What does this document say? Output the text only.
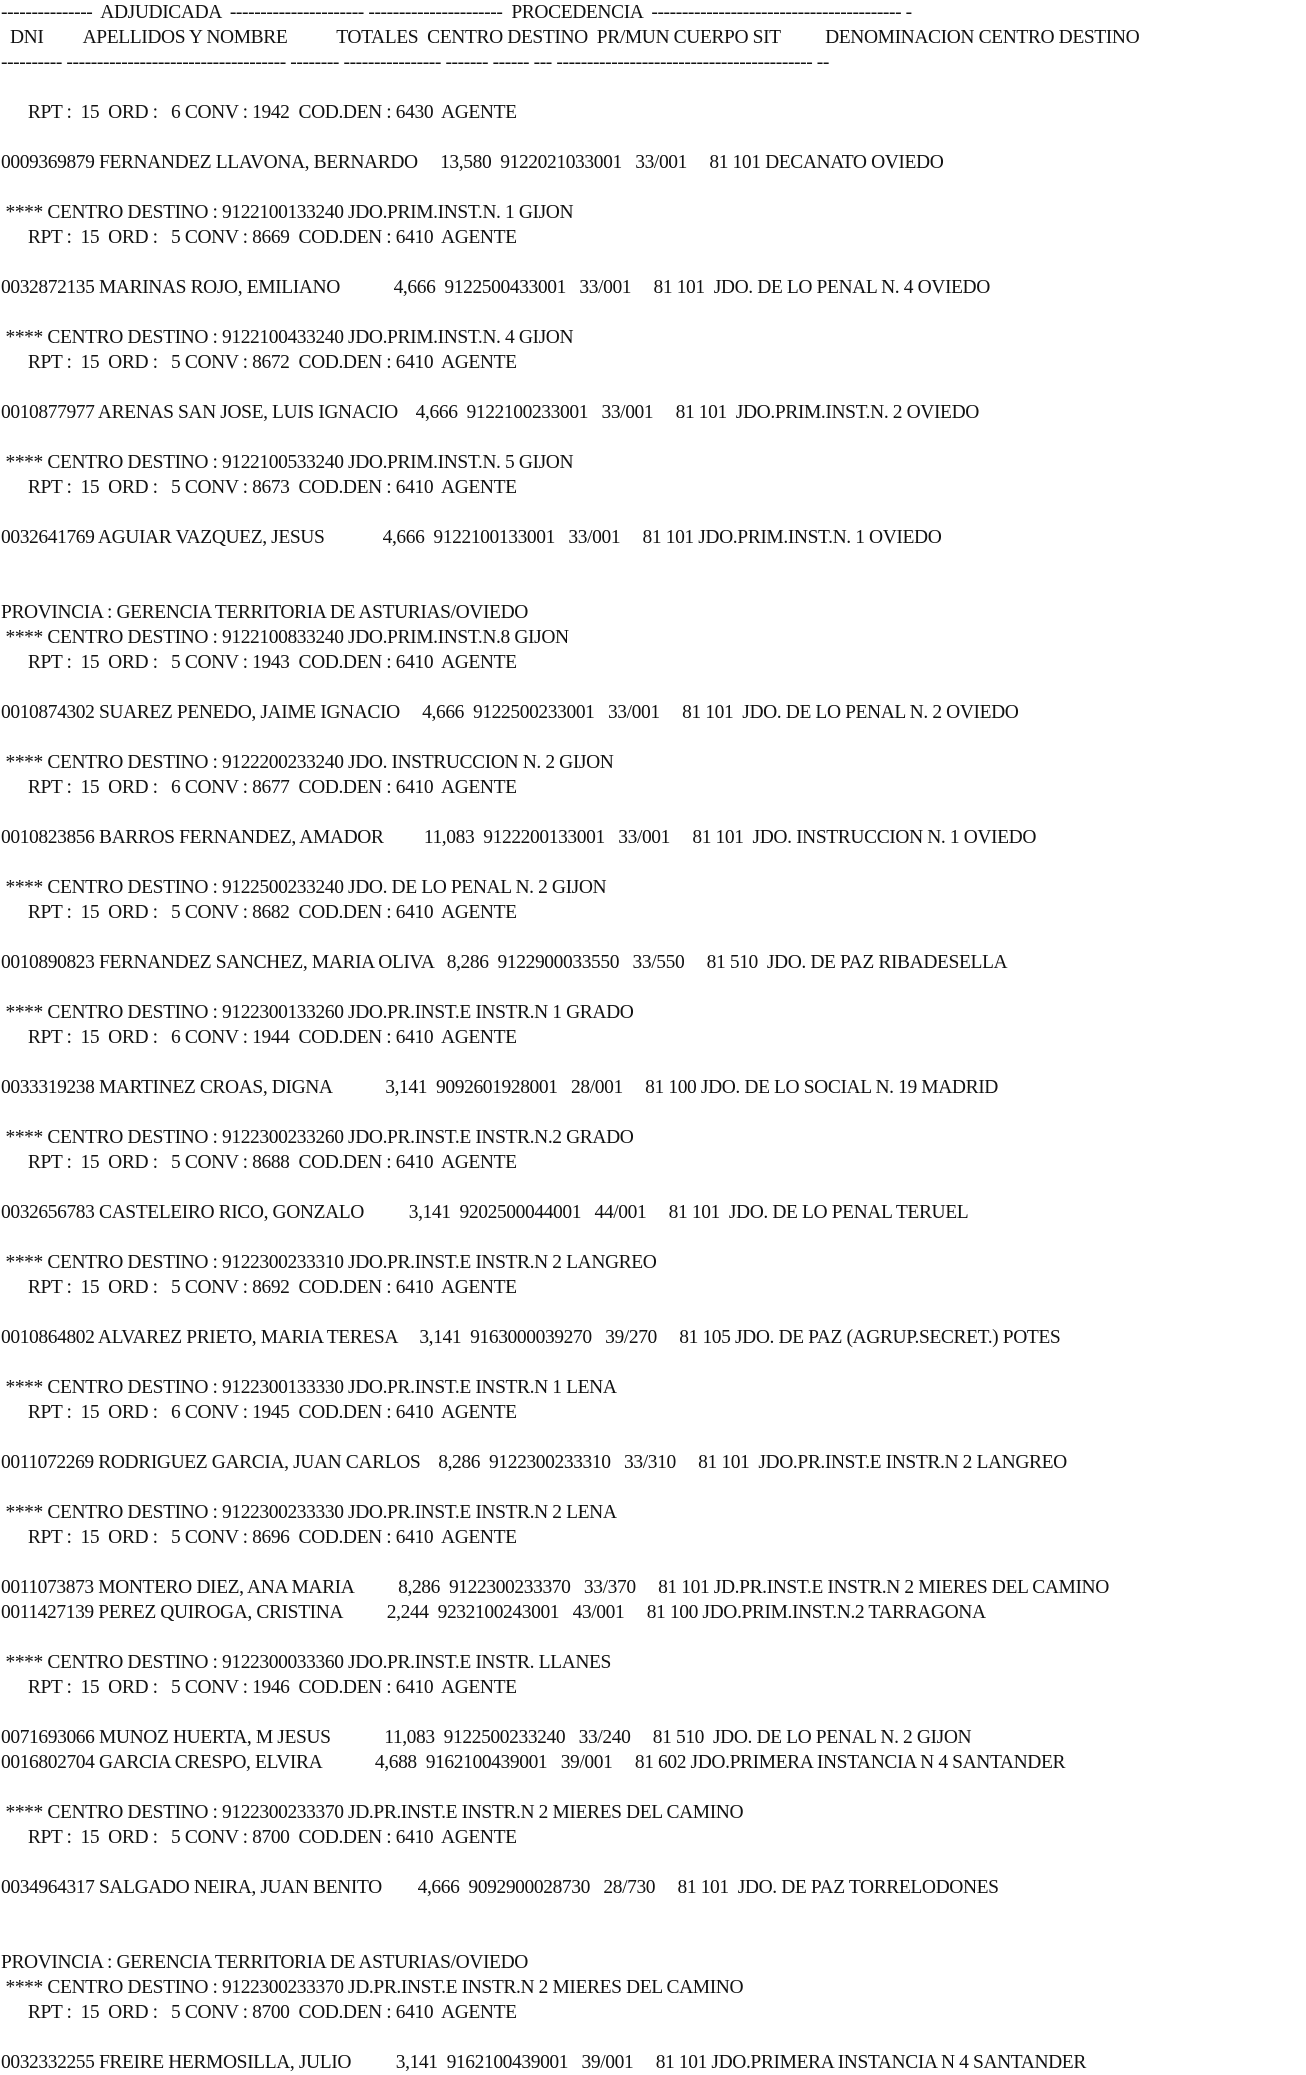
---------------  ADJUDICADA  ---------------------- ----------------------  PROCEDENCIA  ----------------------------------------- -
DNI         APELLIDOS Y NOMBRE           TOTALES  CENTRO DESTINO  PR/MUN CUERPO SIT          DENOMINACION CENTRO DESTINO
---------- ------------------------------------ -------- ---------------- ------- ------ --- ------------------------------------------ --
RPT :  15  ORD :   6 CONV : 1942  COD.DEN : 6430  AGENTE
0009369879 FERNANDEZ LLAVONA, BERNARDO     13,580  9122021033001   33/001     81 101 DECANATO OVIEDO
**** CENTRO DESTINO : 9122100133240 JDO.PRIM.INST.N. 1 GIJON
RPT :  15  ORD :   5 CONV : 8669  COD.DEN : 6410  AGENTE
0032872135 MARINAS ROJO, EMILIANO            4,666  9122500433001   33/001     81 101  JDO. DE LO PENAL N. 4 OVIEDO
**** CENTRO DESTINO : 9122100433240 JDO.PRIM.INST.N. 4 GIJON
RPT :  15  ORD :   5 CONV : 8672  COD.DEN : 6410  AGENTE
0010877977 ARENAS SAN JOSE, LUIS IGNACIO    4,666  9122100233001   33/001     81 101  JDO.PRIM.INST.N. 2 OVIEDO
**** CENTRO DESTINO : 9122100533240 JDO.PRIM.INST.N. 5 GIJON
RPT :  15  ORD :   5 CONV : 8673  COD.DEN : 6410  AGENTE
0032641769 AGUIAR VAZQUEZ, JESUS             4,666  9122100133001   33/001     81 101 JDO.PRIM.INST.N. 1 OVIEDO
PROVINCIA : GERENCIA TERRITORIA DE ASTURIAS/OVIEDO
**** CENTRO DESTINO : 9122100833240 JDO.PRIM.INST.N.8 GIJON
RPT :  15  ORD :   5 CONV : 1943  COD.DEN : 6410  AGENTE
0010874302 SUAREZ PENEDO, JAIME IGNACIO     4,666  9122500233001   33/001     81 101  JDO. DE LO PENAL N. 2 OVIEDO
**** CENTRO DESTINO : 9122200233240 JDO. INSTRUCCION N. 2 GIJON
RPT :  15  ORD :   6 CONV : 8677  COD.DEN : 6410  AGENTE
0010823856 BARROS FERNANDEZ, AMADOR         11,083  9122200133001   33/001     81 101  JDO. INSTRUCCION N. 1 OVIEDO
**** CENTRO DESTINO : 9122500233240 JDO. DE LO PENAL N. 2 GIJON
RPT :  15  ORD :   5 CONV : 8682  COD.DEN : 6410  AGENTE
0010890823 FERNANDEZ SANCHEZ, MARIA OLIVA   8,286  9122900033550   33/550     81 510  JDO. DE PAZ RIBADESELLA
**** CENTRO DESTINO : 9122300133260 JDO.PR.INST.E INSTR.N 1 GRADO
RPT :  15  ORD :   6 CONV : 1944  COD.DEN : 6410  AGENTE
0033319238 MARTINEZ CROAS, DIGNA            3,141  9092601928001   28/001     81 100 JDO. DE LO SOCIAL N. 19 MADRID
**** CENTRO DESTINO : 9122300233260 JDO.PR.INST.E INSTR.N.2 GRADO
RPT :  15  ORD :   5 CONV : 8688  COD.DEN : 6410  AGENTE
0032656783 CASTELEIRO RICO, GONZALO          3,141  9202500044001   44/001     81 101  JDO. DE LO PENAL TERUEL
**** CENTRO DESTINO : 9122300233310 JDO.PR.INST.E INSTR.N 2 LANGREO
RPT :  15  ORD :   5 CONV : 8692  COD.DEN : 6410  AGENTE
0010864802 ALVAREZ PRIETO, MARIA TERESA     3,141  9163000039270   39/270     81 105 JDO. DE PAZ (AGRUP.SECRET.) POTES
**** CENTRO DESTINO : 9122300133330 JDO.PR.INST.E INSTR.N 1 LENA
RPT :  15  ORD :   6 CONV : 1945  COD.DEN : 6410  AGENTE
0011072269 RODRIGUEZ GARCIA, JUAN CARLOS    8,286  9122300233310   33/310     81 101  JDO.PR.INST.E INSTR.N 2 LANGREO
**** CENTRO DESTINO : 9122300233330 JDO.PR.INST.E INSTR.N 2 LENA
RPT :  15  ORD :   5 CONV : 8696  COD.DEN : 6410  AGENTE
0011073873 MONTERO DIEZ, ANA MARIA          8,286  9122300233370   33/370     81 101 JD.PR.INST.E INSTR.N 2 MIERES DEL CAMINO
0011427139 PEREZ QUIROGA, CRISTINA          2,244  9232100243001   43/001     81 100 JDO.PRIM.INST.N.2 TARRAGONA
**** CENTRO DESTINO : 9122300033360 JDO.PR.INST.E INSTR. LLANES
RPT :  15  ORD :   5 CONV : 1946  COD.DEN : 6410  AGENTE
0071693066 MUNOZ HUERTA, M JESUS            11,083  9122500233240   33/240     81 510  JDO. DE LO PENAL N. 2 GIJON
0016802704 GARCIA CRESPO, ELVIRA            4,688  9162100439001   39/001     81 602 JDO.PRIMERA INSTANCIA N 4 SANTANDER
**** CENTRO DESTINO : 9122300233370 JD.PR.INST.E INSTR.N 2 MIERES DEL CAMINO
RPT :  15  ORD :   5 CONV : 8700  COD.DEN : 6410  AGENTE
0034964317 SALGADO NEIRA, JUAN BENITO        4,666  9092900028730   28/730     81 101  JDO. DE PAZ TORRELODONES
PROVINCIA : GERENCIA TERRITORIA DE ASTURIAS/OVIEDO
**** CENTRO DESTINO : 9122300233370 JD.PR.INST.E INSTR.N 2 MIERES DEL CAMINO
RPT :  15  ORD :   5 CONV : 8700  COD.DEN : 6410  AGENTE
0032332255 FREIRE HERMOSILLA, JULIO          3,141  9162100439001   39/001     81 101 JDO.PRIMERA INSTANCIA N 4 SANTANDER
